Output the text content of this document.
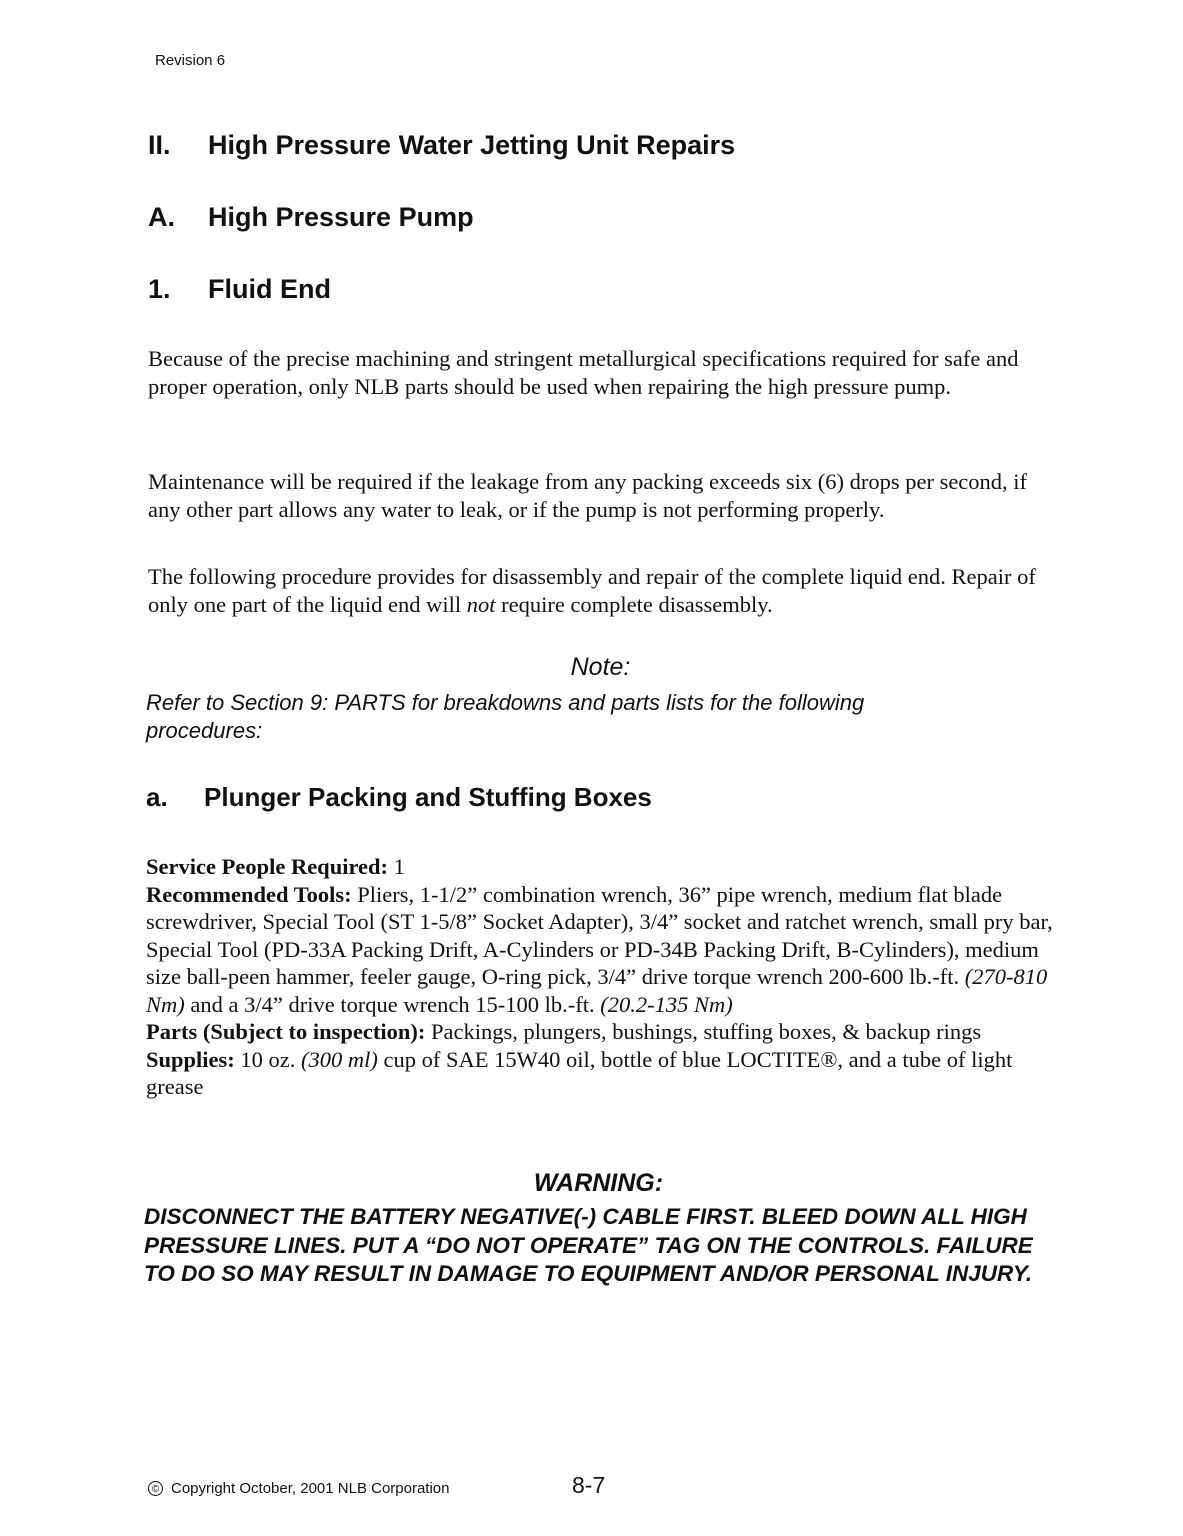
Revision 6
II. High Pressure Water Jetting Unit Repairs
A. High Pressure Pump
1. Fluid End
Because of the precise machining and stringent metallurgical specifications required for safe and proper operation, only NLB parts should be used when repairing the high pressure pump.
Maintenance will be required if the leakage from any packing exceeds six (6) drops per second, if any other part allows any water to leak, or if the pump is not performing properly.
The following procedure provides for disassembly and repair of the complete liquid end. Repair of only one part of the liquid end will not require complete disassembly.
Note:
Refer to Section 9: PARTS for breakdowns and parts lists for the following procedures:
a. Plunger Packing and Stuffing Boxes
Service People Required: 1
Recommended Tools: Pliers, 1-1/2” combination wrench, 36” pipe wrench, medium flat blade screwdriver, Special Tool (ST 1-5/8” Socket Adapter), 3/4” socket and ratchet wrench, small pry bar, Special Tool (PD-33A Packing Drift, A-Cylinders or PD-34B Packing Drift, B-Cylinders), medium size ball-peen hammer, feeler gauge, O-ring pick, 3/4” drive torque wrench 200-600 lb.-ft. (270-810 Nm) and a 3/4” drive torque wrench 15-100 lb.-ft. (20.2-135 Nm)
Parts (Subject to inspection): Packings, plungers, bushings, stuffing boxes, & backup rings
Supplies: 10 oz. (300 ml) cup of SAE 15W40 oil, bottle of blue LOCTITE®, and a tube of light grease
WARNING:
DISCONNECT THE BATTERY NEGATIVE(-) CABLE FIRST. BLEED DOWN ALL HIGH PRESSURE LINES. PUT A “DO NOT OPERATE” TAG ON THE CONTROLS. FAILURE TO DO SO MAY RESULT IN DAMAGE TO EQUIPMENT AND/OR PERSONAL INJURY.
© Copyright October, 2001 NLB Corporation	8-7
